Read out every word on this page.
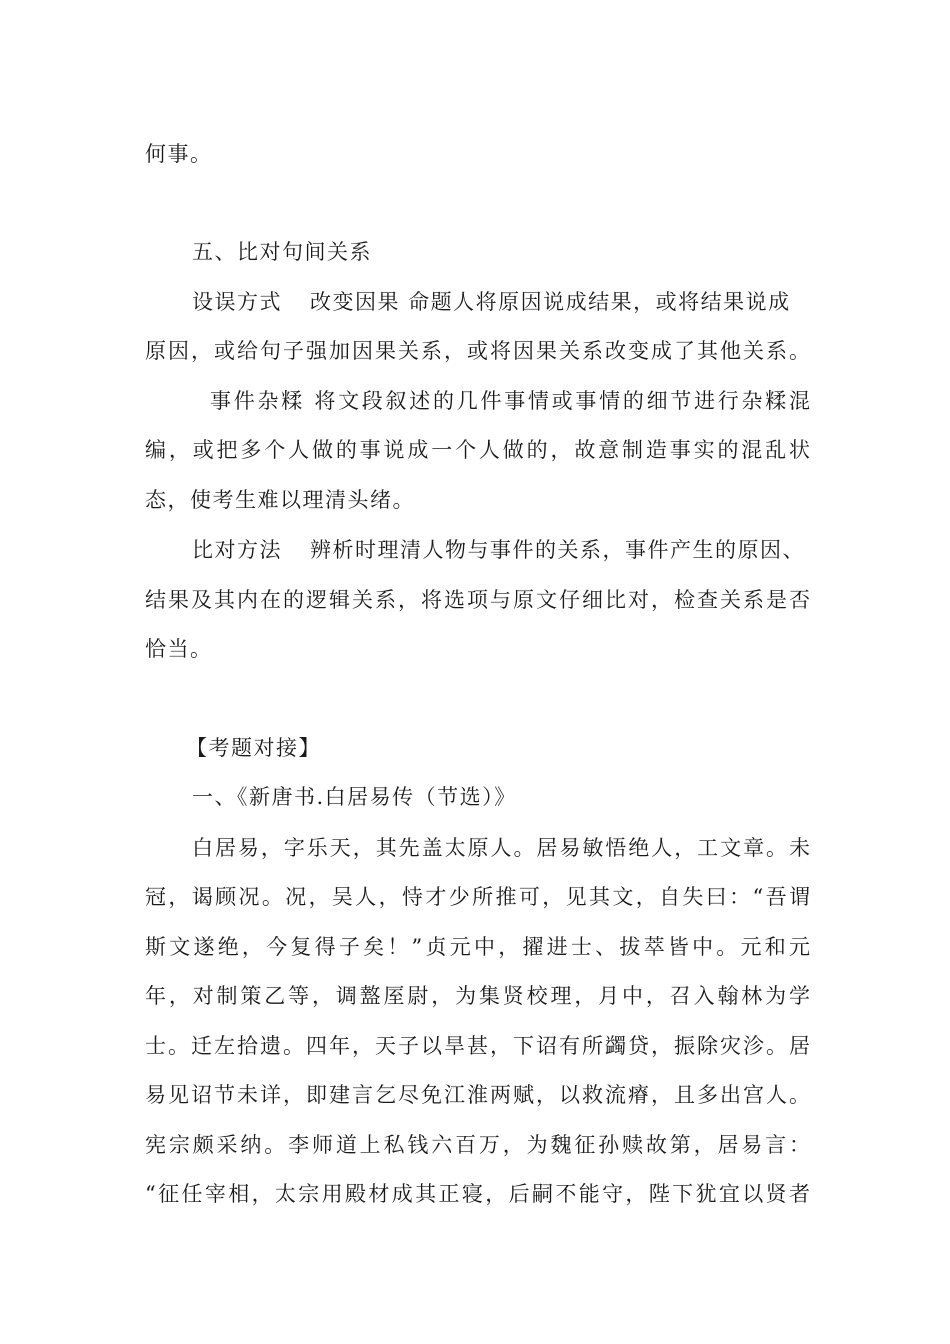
何事。
五、比对句间关系
设误方式 改变因果 命题人将原因说成结果，或将结果说成
原因，或给句子强加因果关系，或将因果关系改变成了其他关系。
事件杂糅 将文段叙述的几件事情或事情的细节进行杂糅混
编，或把多个人做的事说成一个人做的，故意制造事实的混乱状
态，使考生难以理清头绪。
比对方法 辨析时理清人物与事件的关系，事件产生的原因、
结果及其内在的逻辑关系，将选项与原文仔细比对，检查关系是否
恰当。
【考题对接】
一、《新唐书.白居易传（节选）》
白居易，字乐天，其先盖太原人。居易敏悟绝人，工文章。未
冠，谒顾况。况，吴人，恃才少所推可，见其文，自失曰：“吾谓
斯文遂绝，今复得子矣！”贞元中，擢进士、拔萃皆中。元和元
年，对制策乙等，调盩厔尉，为集贤校理，月中，召入翰林为学
士。迁左拾遗。四年，天子以旱甚，下诏有所蠲贷，振除灾沴。居
易见诏节未详，即建言乞尽免江淮两赋，以救流瘠，且多出宫人。
宪宗颇采纳。李师道上私钱六百万，为魏征孙赎故第，居易言：
“征任宰相，太宗用殿材成其正寝，后嗣不能守，陛下犹宜以贤者
